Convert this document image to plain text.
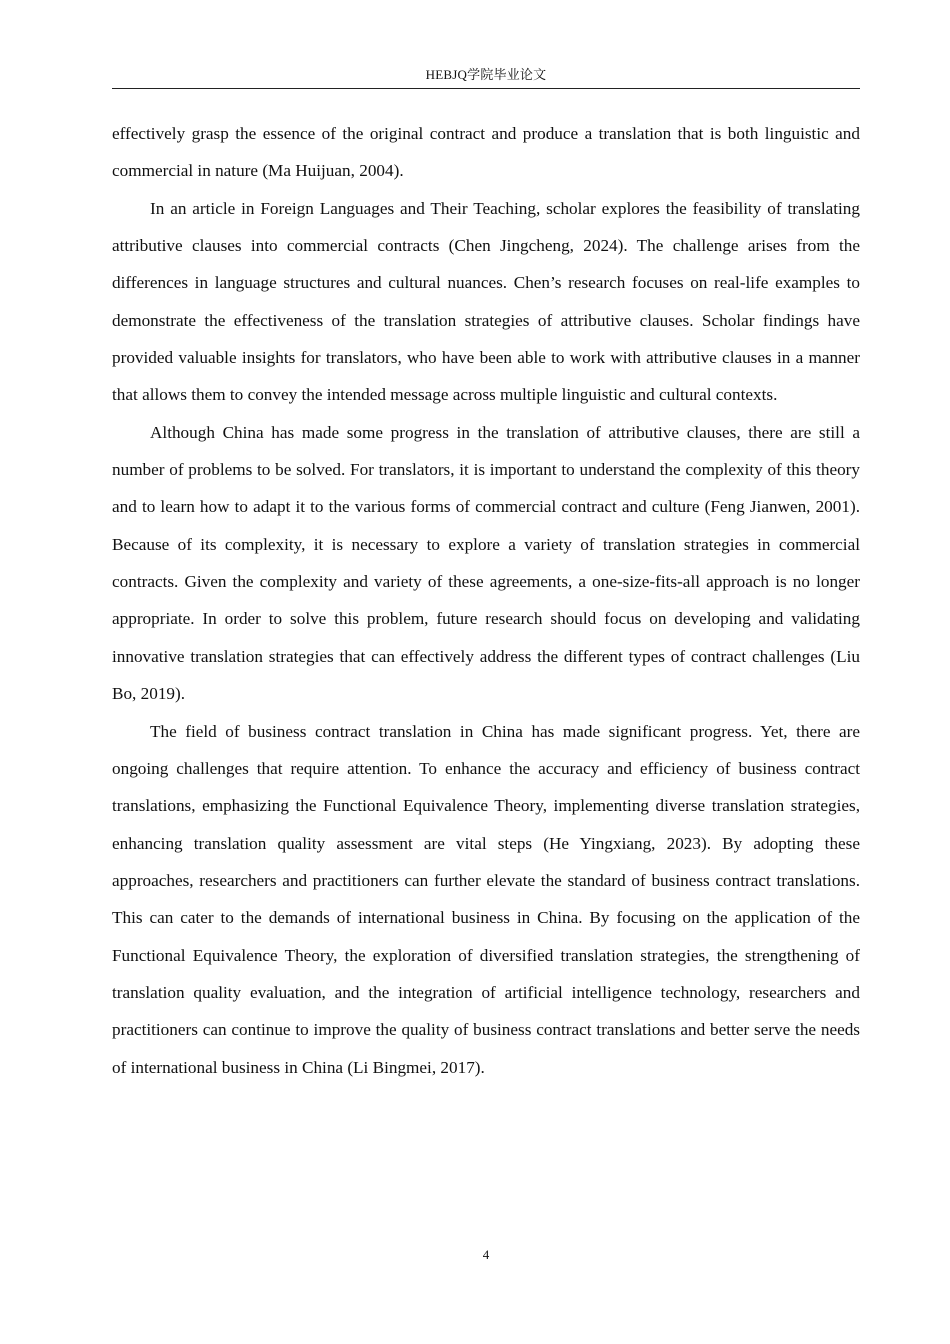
HEBJQ学院毕业论文

effectively grasp the essence of the original contract and produce a translation that is both linguistic and commercial in nature (Ma Huijuan, 2004).

In an article in Foreign Languages and Their Teaching, scholar explores the feasibility of translating attributive clauses into commercial contracts (Chen Jingcheng, 2024). The challenge arises from the differences in language structures and cultural nuances. Chen’s research focuses on real-life examples to demonstrate the effectiveness of the translation strategies of attributive clauses. Scholar findings have provided valuable insights for translators, who have been able to work with attributive clauses in a manner that allows them to convey the intended message across multiple linguistic and cultural contexts.

Although China has made some progress in the translation of attributive clauses, there are still a number of problems to be solved. For translators, it is important to understand the complexity of this theory and to learn how to adapt it to the various forms of commercial contract and culture (Feng Jianwen, 2001). Because of its complexity, it is necessary to explore a variety of translation strategies in commercial contracts. Given the complexity and variety of these agreements, a one-size-fits-all approach is no longer appropriate. In order to solve this problem, future research should focus on developing and validating innovative translation strategies that can effectively address the different types of contract challenges (Liu Bo, 2019).

The field of business contract translation in China has made significant progress. Yet, there are ongoing challenges that require attention. To enhance the accuracy and efficiency of business contract translations, emphasizing the Functional Equivalence Theory, implementing diverse translation strategies, enhancing translation quality assessment are vital steps (He Yingxiang, 2023). By adopting these approaches, researchers and practitioners can further elevate the standard of business contract translations. This can cater to the demands of international business in China. By focusing on the application of the Functional Equivalence Theory, the exploration of diversified translation strategies, the strengthening of translation quality evaluation, and the integration of artificial intelligence technology, researchers and practitioners can continue to improve the quality of business contract translations and better serve the needs of international business in China (Li Bingmei, 2017).

4
